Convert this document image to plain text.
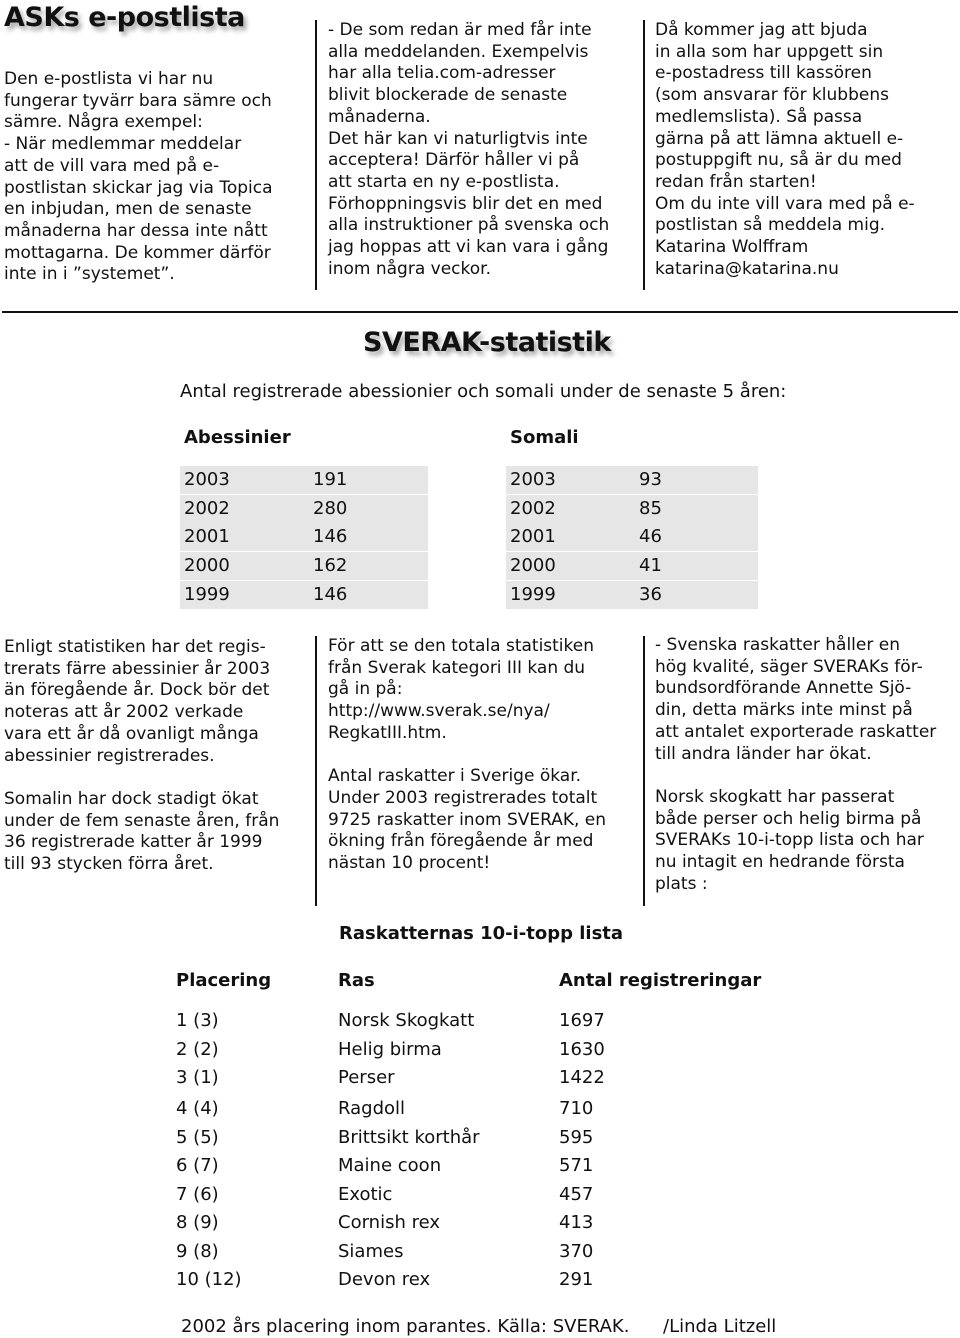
ASKs e-postlista
Den e-postlista vi har nu
fungerar tyvärr bara sämre och
sämre. Några exempel:
- När medlemmar meddelar
att de vill vara med på e-
postlistan skickar jag via Topica
en inbjudan, men de senaste
månaderna har dessa inte nått
mottagarna. De kommer därför
inte in i ”systemet”.
- De som redan är med får inte
alla meddelanden. Exempelvis
har alla telia.com-adresser
blivit blockerade de senaste
månaderna.
Det här kan vi naturligtvis inte
acceptera! Därför håller vi på
att starta en ny e-postlista.
Förhoppningsvis blir det en med
alla instruktioner på svenska och
jag hoppas att vi kan vara i gång
inom några veckor.
Då kommer jag att bjuda
in alla som har uppgett sin
e-postadress till kassören
(som ansvarar för klubbens
medlemslista). Så passa
gärna på att lämna aktuell e-
postuppgift nu, så är du med
redan från starten!
Om du inte vill vara med på e-
postlistan så meddela mig.
Katarina Wolffram
katarina@katarina.nu
SVERAK-statistik
Antal registrerade abessionier och somali under de senaste 5 åren:
Abessinier	Somali
2003	191
2002	280
2001	146
2000	162
1999	146
2003	93
2002	85
2001	46
2000	41
1999	36
Enligt statistiken har det regis-
trerats färre abessinier år 2003
än föregående år. Dock bör det
noteras att år 2002 verkade
vara ett år då ovanligt många
abessinier registrerades.

Somalin har dock stadigt ökat
under de fem senaste åren, från
36 registrerade katter år 1999
till 93 stycken förra året.
För att se den totala statistiken
från Sverak kategori III kan du
gå in på:
http://www.sverak.se/nya/
RegkatIII.htm.

Antal raskatter i Sverige ökar.
Under 2003 registrerades totalt
9725 raskatter inom SVERAK, en
ökning från föregående år med
nästan 10 procent!
- Svenska raskatter håller en
hög kvalité, säger SVERAKs för-
bundsordförande Annette Sjö-
din, detta märks inte minst på
att antalet exporterade raskatter
till andra länder har ökat.

Norsk skogkatt har passerat
både perser och helig birma på
SVERAKs 10-i-topp lista och har
nu intagit en hedrande första
plats :
Raskatternas 10-i-topp lista
Placering	Ras	Antal registreringar
1 (3)	Norsk Skogkatt	1697
2 (2)	Helig birma	1630
3 (1)	Perser	1422
4 (4)	Ragdoll	710
5 (5)	Brittsikt korthår	595
6 (7)	Maine coon	571
7 (6)	Exotic	457
8 (9)	Cornish rex	413
9 (8)	Siames	370
10 (12)	Devon rex	291
2002 års placering inom parantes. Källa: SVERAK. /Linda Litzell
